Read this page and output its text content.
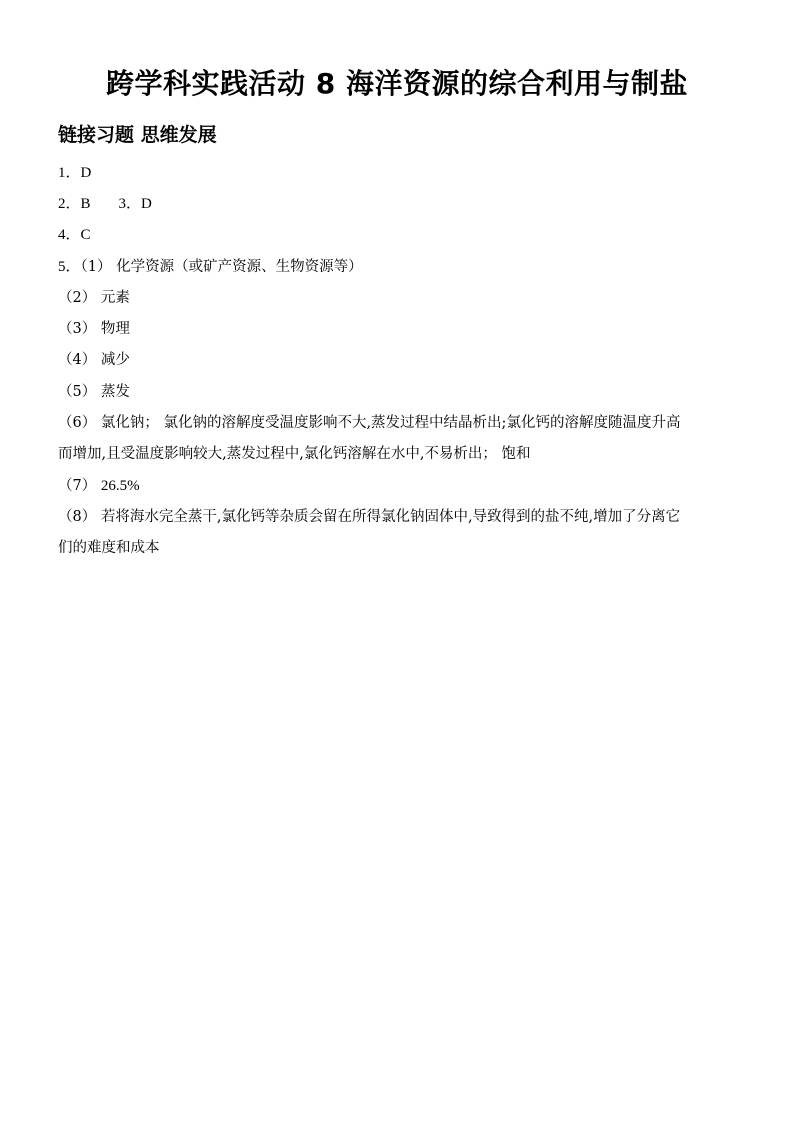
跨学科实践活动 8 海洋资源的综合利用与制盐
链接习题 思维发展
1．D
2．B 3．D
4．C
5．（1） 化学资源（或矿产资源、生物资源等）
（2） 元素
（3） 物理
（4） 减少
（5） 蒸发
（6） 氯化钠； 氯化钠的溶解度受温度影响不大,蒸发过程中结晶析出;氯化钙的溶解度随温度升高
而增加,且受温度影响较大,蒸发过程中,氯化钙溶解在水中,不易析出； 饱和
（7） 26.5%
（8） 若将海水完全蒸干,氯化钙等杂质会留在所得氯化钠固体中,导致得到的盐不纯,增加了分离它
们的难度和成本
